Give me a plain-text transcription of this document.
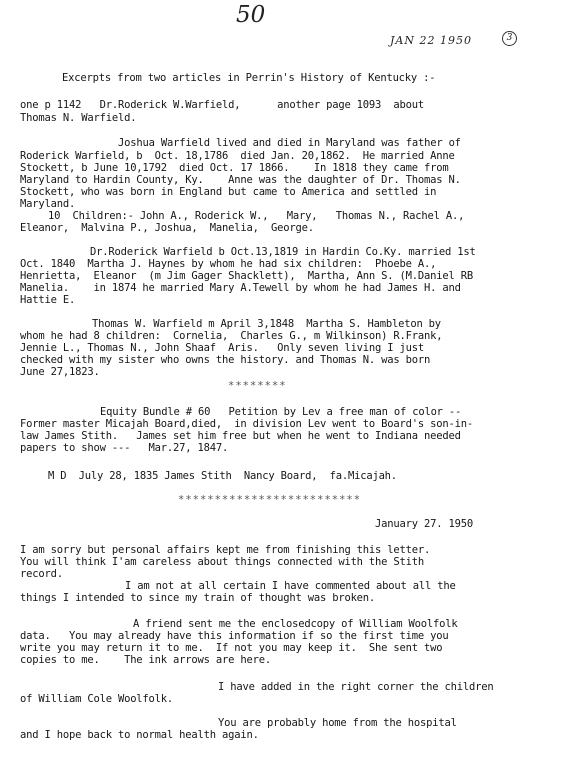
50
JAN 22 1950	3
Excerpts from two articles in Perrin's History of Kentucky :-
one p 1142   Dr.Roderick W.Warfield,      another page 1093  about
Thomas N. Warfield.
Joshua Warfield lived and died in Maryland was father of
Roderick Warfield, b  Oct. 18,1786  died Jan. 20,1862.  He married Anne
Stockett, b June 10,1792  died Oct. 17 1866.    In 1818 they came from
Maryland to Hardin County, Ky.    Anne was the daughter of Dr. Thomas N.
Stockett, who was born in England but came to America and settled in
Maryland.
10  Children:- John A., Roderick W.,   Mary,   Thomas N., Rachel A.,
Eleanor,  Malvina P., Joshua,  Manelia,  George.
Dr.Roderick Warfield b Oct.13,1819 in Hardin Co.Ky. married 1st
Oct. 1840  Martha J. Haynes by whom he had six children:  Phoebe A.,
Henrietta,  Eleanor  (m Jim Gager Shacklett),  Martha, Ann S. (M.Daniel RB
Manelia.    in 1874 he married Mary A.Tewell by whom he had James H. and
Hattie E.
Thomas W. Warfield m April 3,1848  Martha S. Hambleton by
whom he had 8 children:  Cornelia,  Charles G., m Wilkinson) R.Frank,
Jennie L., Thomas N., John Shaaf  Aris.   Only seven living I just
checked with my sister who owns the history. and Thomas N. was born
June 27,1823.
Equity Bundle # 60   Petition by Lev a free man of color --
Former master Micajah Board,died,  in division Lev went to Board's son-in-
law James Stith.   James set him free but when he went to Indiana needed
papers to show ---   Mar.27, 1847.
M D  July 28, 1835 James Stith  Nancy Board,  fa.Micajah.
January 27. 1950
I am sorry but personal affairs kept me from finishing this letter.
You will think I'am careless about things connected with the Stith
record.
I am not at all certain I have commented about all the
things I intended to since my train of thought was broken.
A friend sent me the enclosedcopy of William Woolfolk
data.   You may already have this information if so the first time you
write you may return it to me.  If not you may keep it.  She sent two
copies to me.    The ink arrows are here.
I have added in the right corner the children
of William Cole Woolfolk.
You are probably home from the hospital
and I hope back to normal health again.
********
*************************
